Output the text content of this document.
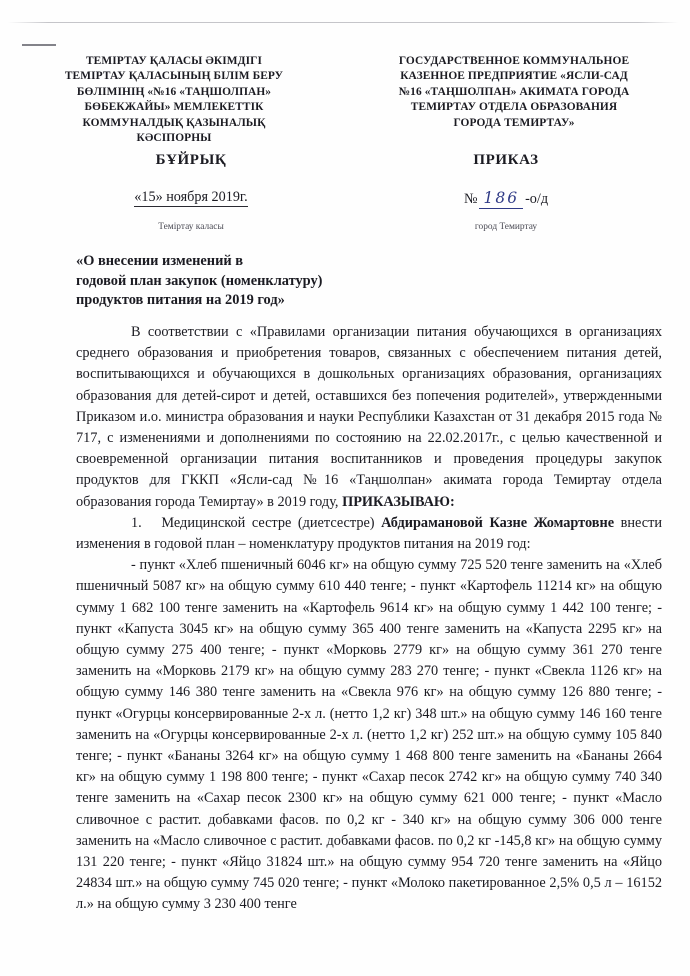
ТЕМІРТАУ ҚАЛАСЫ ӘКІМДІГІ
ТЕМІРТАУ ҚАЛАСЫНЫҢ БІЛІМ БЕРУ
БӨЛІМІНІҢ «№16 «ТАҢШОЛПАН»
БӨБЕКЖАЙЫ» МЕМЛЕКЕТТІК
КОММУНАЛДЫҚ ҚАЗЫНАЛЫҚ
КӘСІПОРНЫ
ГОСУДАРСТВЕННОЕ КОММУНАЛЬНОЕ
КАЗЕННОЕ ПРЕДПРИЯТИЕ «ЯСЛИ-САД
№16 «ТАҢШОЛПАН» АКИМАТА ГОРОДА
ТЕМИРТАУ ОТДЕЛА ОБРАЗОВАНИЯ
ГОРОДА ТЕМИРТАУ»
БҰЙРЫҚ	ПРИКАЗ
«15» ноября 2019г.	№ 186 -о/д
Теміртау каласы	город Темиртау
«О внесении изменений в
годовой план закупок (номенклатуру)
продуктов питания на 2019 год»

В соответствии с «Правилами организации питания обучающихся в организациях среднего образования и приобретения товаров, связанных с обеспечением питания детей, воспитывающихся и обучающихся в дошкольных организациях образования, организациях образования для детей-сирот и детей, оставшихся без попечения родителей», утвержденными Приказом и.о. министра образования и науки Республики Казахстан от 31 декабря 2015 года № 717, с изменениями и дополнениями по состоянию на 22.02.2017г., с целью качественной и своевременной организации питания воспитанников и проведения процедуры закупок продуктов для ГККП «Ясли-сад №16 «Таңшолпан» акимата города Темиртау отдела образования города Темиртау» в 2019 году, ПРИКАЗЫВАЮ:

1. Медицинской сестре (диетсестре) Абдирамановой Казне Жомартовне внести изменения в годовой план – номенклатуру продуктов питания на 2019 год:

- пункт «Хлеб пшеничный 6046 кг» на общую сумму 725 520 тенге заменить на «Хлеб пшеничный 5087 кг» на общую сумму 610 440 тенге; - пункт «Картофель 11214 кг» на общую сумму 1 682 100 тенге заменить на «Картофель 9614 кг» на общую сумму 1 442 100 тенге; - пункт «Капуста 3045 кг» на общую сумму 365 400 тенге заменить на «Капуста 2295 кг» на общую сумму 275 400 тенге; - пункт «Морковь 2779 кг» на общую сумму 361 270 тенге заменить на «Морковь 2179 кг» на общую сумму 283 270 тенге; - пункт «Свекла 1126 кг» на общую сумму 146 380 тенге заменить на «Свекла 976 кг» на общую сумму 126 880 тенге; - пункт «Огурцы консервированные 2-х л. (нетто 1,2 кг) 348 шт.» на общую сумму 146 160 тенге заменить на «Огурцы консервированные 2-х л. (нетто 1,2 кг) 252 шт.» на общую сумму 105 840 тенге; - пункт «Бананы 3264 кг» на общую сумму 1 468 800 тенге заменить на «Бананы 2664 кг» на общую сумму 1 198 800 тенге; - пункт «Сахар песок 2742 кг» на общую сумму 740 340 тенге заменить на «Сахар песок 2300 кг» на общую сумму 621 000 тенге; - пункт «Масло сливочное с растит. добавками фасов. по 0,2 кг - 340 кг» на общую сумму 306 000 тенге заменить на «Масло сливочное с растит. добавками фасов. по 0,2 кг -145,8 кг» на общую сумму 131 220 тенге; - пункт «Яйцо 31824 шт.» на общую сумму 954 720 тенге заменить на «Яйцо 24834 шт.» на общую сумму 745 020 тенге; - пункт «Молоко пакетированное 2,5% 0,5 л – 16152 л.» на общую сумму 3 230 400 тенге
